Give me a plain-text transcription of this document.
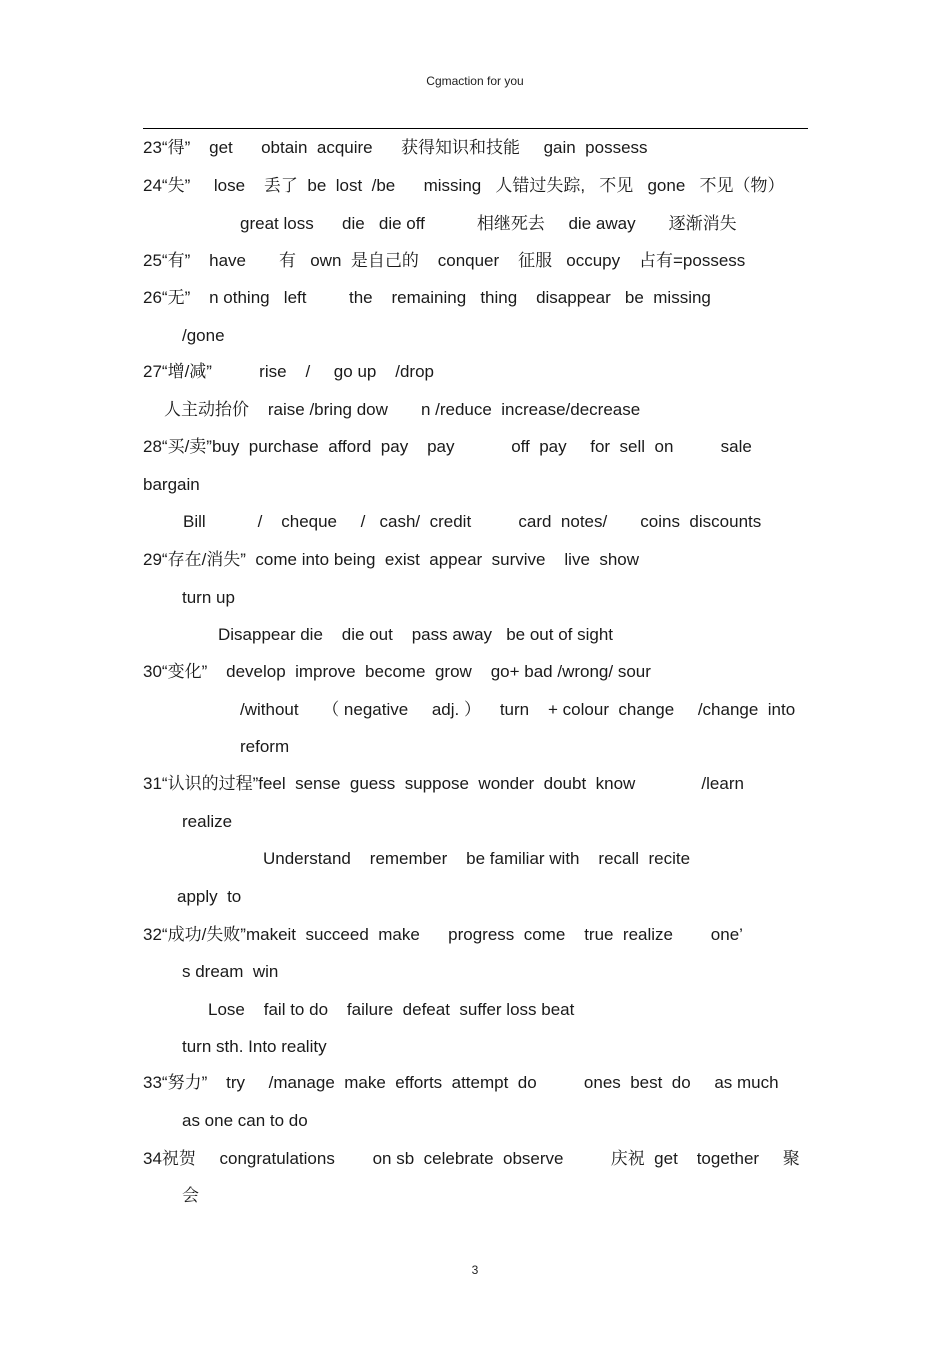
Cgmaction for you
23“得”    get      obtain  acquire      获得知识和技能     gain  possess
24“失”     lose    丢了  be  lost  /be      missing   人错过失踪,   不见   gone   不见（物）
great loss      die   die off           相继死去     die away       逐渐消失
25“有”    have       有   own  是自己的    conquer    征服   occupy    占有=possess
26“无”    n othing   left         the    remaining   thing    disappear   be  missing
/gone
27“增/减”          rise    /     go up    /drop
人主动抬价    raise /bring dow       n /reduce  increase/decrease
28“买/卖”buy  purchase  afford  pay    pay            off  pay     for  sell  on          sale
bargain
Bill           /    cheque     /   cash/  credit          card  notes/       coins  discounts
29“存在/消失”  come into being  exist  appear  survive    live  show
turn up
Disappear die    die out    pass away   be out of sight
30“变化”    develop  improve  become  grow    go+ bad /wrong/ sour
/without     （ negative     adj. ）    turn    + colour  change     /change  into
reform
31“认识的过程”feel  sense  guess  suppose  wonder  doubt  know              /learn
realize
Understand    remember    be familiar with    recall  recite
apply  to
32“成功/失败”makeit  succeed  make      progress  come    true  realize        one’
s dream  win
Lose    fail to do    failure  defeat  suffer loss beat
turn sth. Into reality
33“努力”    try     /manage  make  efforts  attempt  do          ones  best  do     as much
as one can to do
34祝贺     congratulations        on sb  celebrate  observe          庆祝  get    together     聚
会
3
